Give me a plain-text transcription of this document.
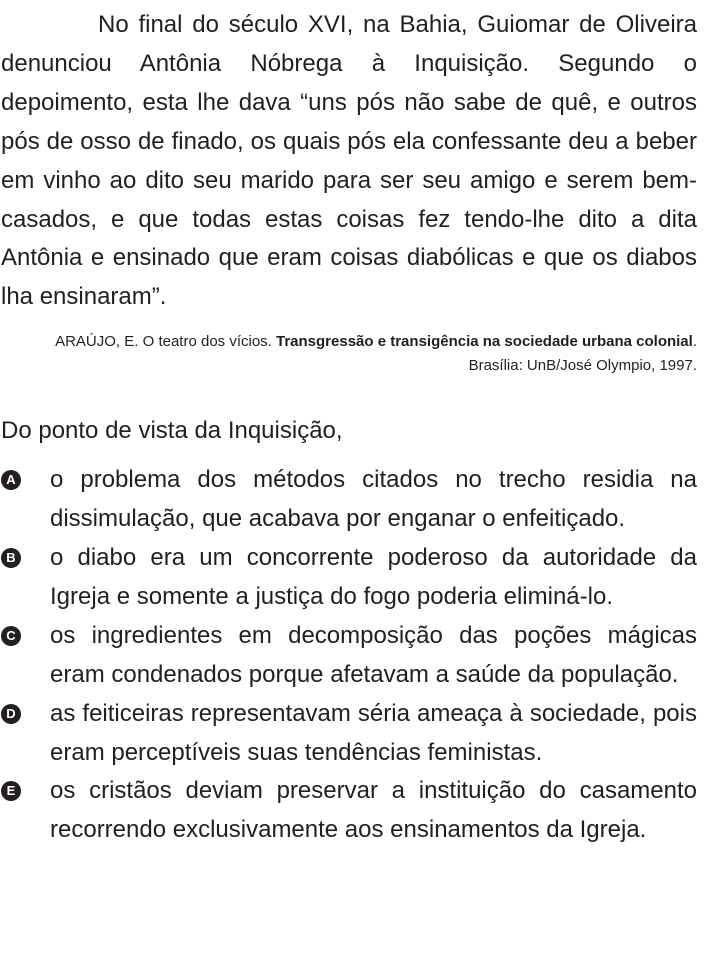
No final do século XVI, na Bahia, Guiomar de Oliveira denunciou Antônia Nóbrega à Inquisição. Segundo o depoimento, esta lhe dava “uns pós não sabe de quê, e outros pós de osso de finado, os quais pós ela confessante deu a beber em vinho ao dito seu marido para ser seu amigo e serem bem-casados, e que todas estas coisas fez tendo-lhe dito a dita Antônia e ensinado que eram coisas diabólicas e que os diabos lha ensinaram”.

ARAÚJO, E. O teatro dos vícios. Transgressão e transigência na sociedade urbana colonial. Brasília: UnB/José Olympio, 1997.

Do ponto de vista da Inquisição,

A o problema dos métodos citados no trecho residia na dissimulação, que acabava por enganar o enfeitiçado.
B o diabo era um concorrente poderoso da autoridade da Igreja e somente a justiça do fogo poderia eliminá-lo.
C os ingredientes em decomposição das poções mágicas eram condenados porque afetavam a saúde da população.
D as feiticeiras representavam séria ameaça à sociedade, pois eram perceptíveis suas tendências feministas.
E os cristãos deviam preservar a instituição do casamento recorrendo exclusivamente aos ensinamentos da Igreja.
